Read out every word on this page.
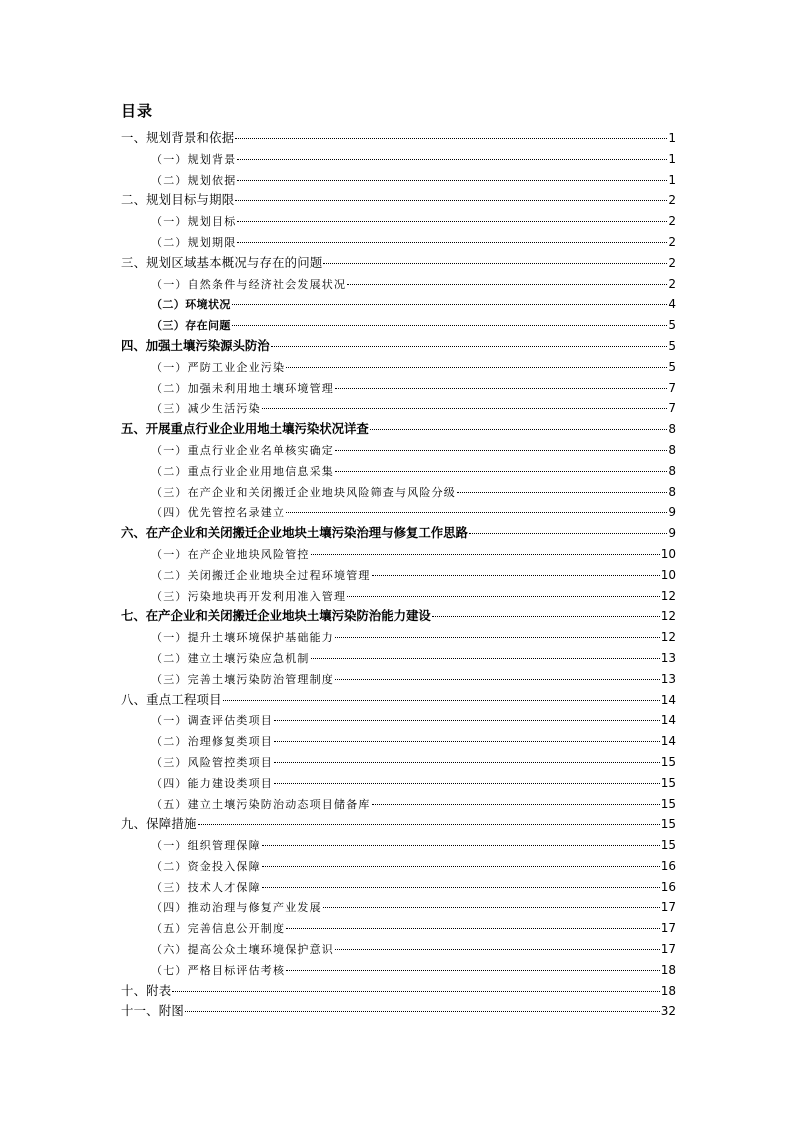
目录
一、规划背景和依据	1
（一）规划背景	1
（二）规划依据	1
二、规划目标与期限	2
（一）规划目标	2
（二）规划期限	2
三、规划区域基本概况与存在的问题	2
（一）自然条件与经济社会发展状况	2
（二）环境状况	4
（三）存在问题	5
四、加强土壤污染源头防治	5
（一）严防工业企业污染	5
（二）加强未利用地土壤环境管理	7
（三）减少生活污染	7
五、开展重点行业企业用地土壤污染状况详查	8
（一）重点行业企业名单核实确定	8
（二）重点行业企业用地信息采集	8
（三）在产企业和关闭搬迁企业地块风险筛查与风险分级	8
（四）优先管控名录建立	9
六、在产企业和关闭搬迁企业地块土壤污染治理与修复工作思路	9
（一）在产企业地块风险管控	10
（二）关闭搬迁企业地块全过程环境管理	10
（三）污染地块再开发利用准入管理	12
七、在产企业和关闭搬迁企业地块土壤污染防治能力建设	12
（一）提升土壤环境保护基础能力	12
（二）建立土壤污染应急机制	13
（三）完善土壤污染防治管理制度	13
八、重点工程项目	14
（一）调查评估类项目	14
（二）治理修复类项目	14
（三）风险管控类项目	15
（四）能力建设类项目	15
（五）建立土壤污染防治动态项目储备库	15
九、保障措施	15
（一）组织管理保障	15
（二）资金投入保障	16
（三）技术人才保障	16
（四）推动治理与修复产业发展	17
（五）完善信息公开制度	17
（六）提高公众土壤环境保护意识	17
（七）严格目标评估考核	18
十、附表	18
十一、附图	32
